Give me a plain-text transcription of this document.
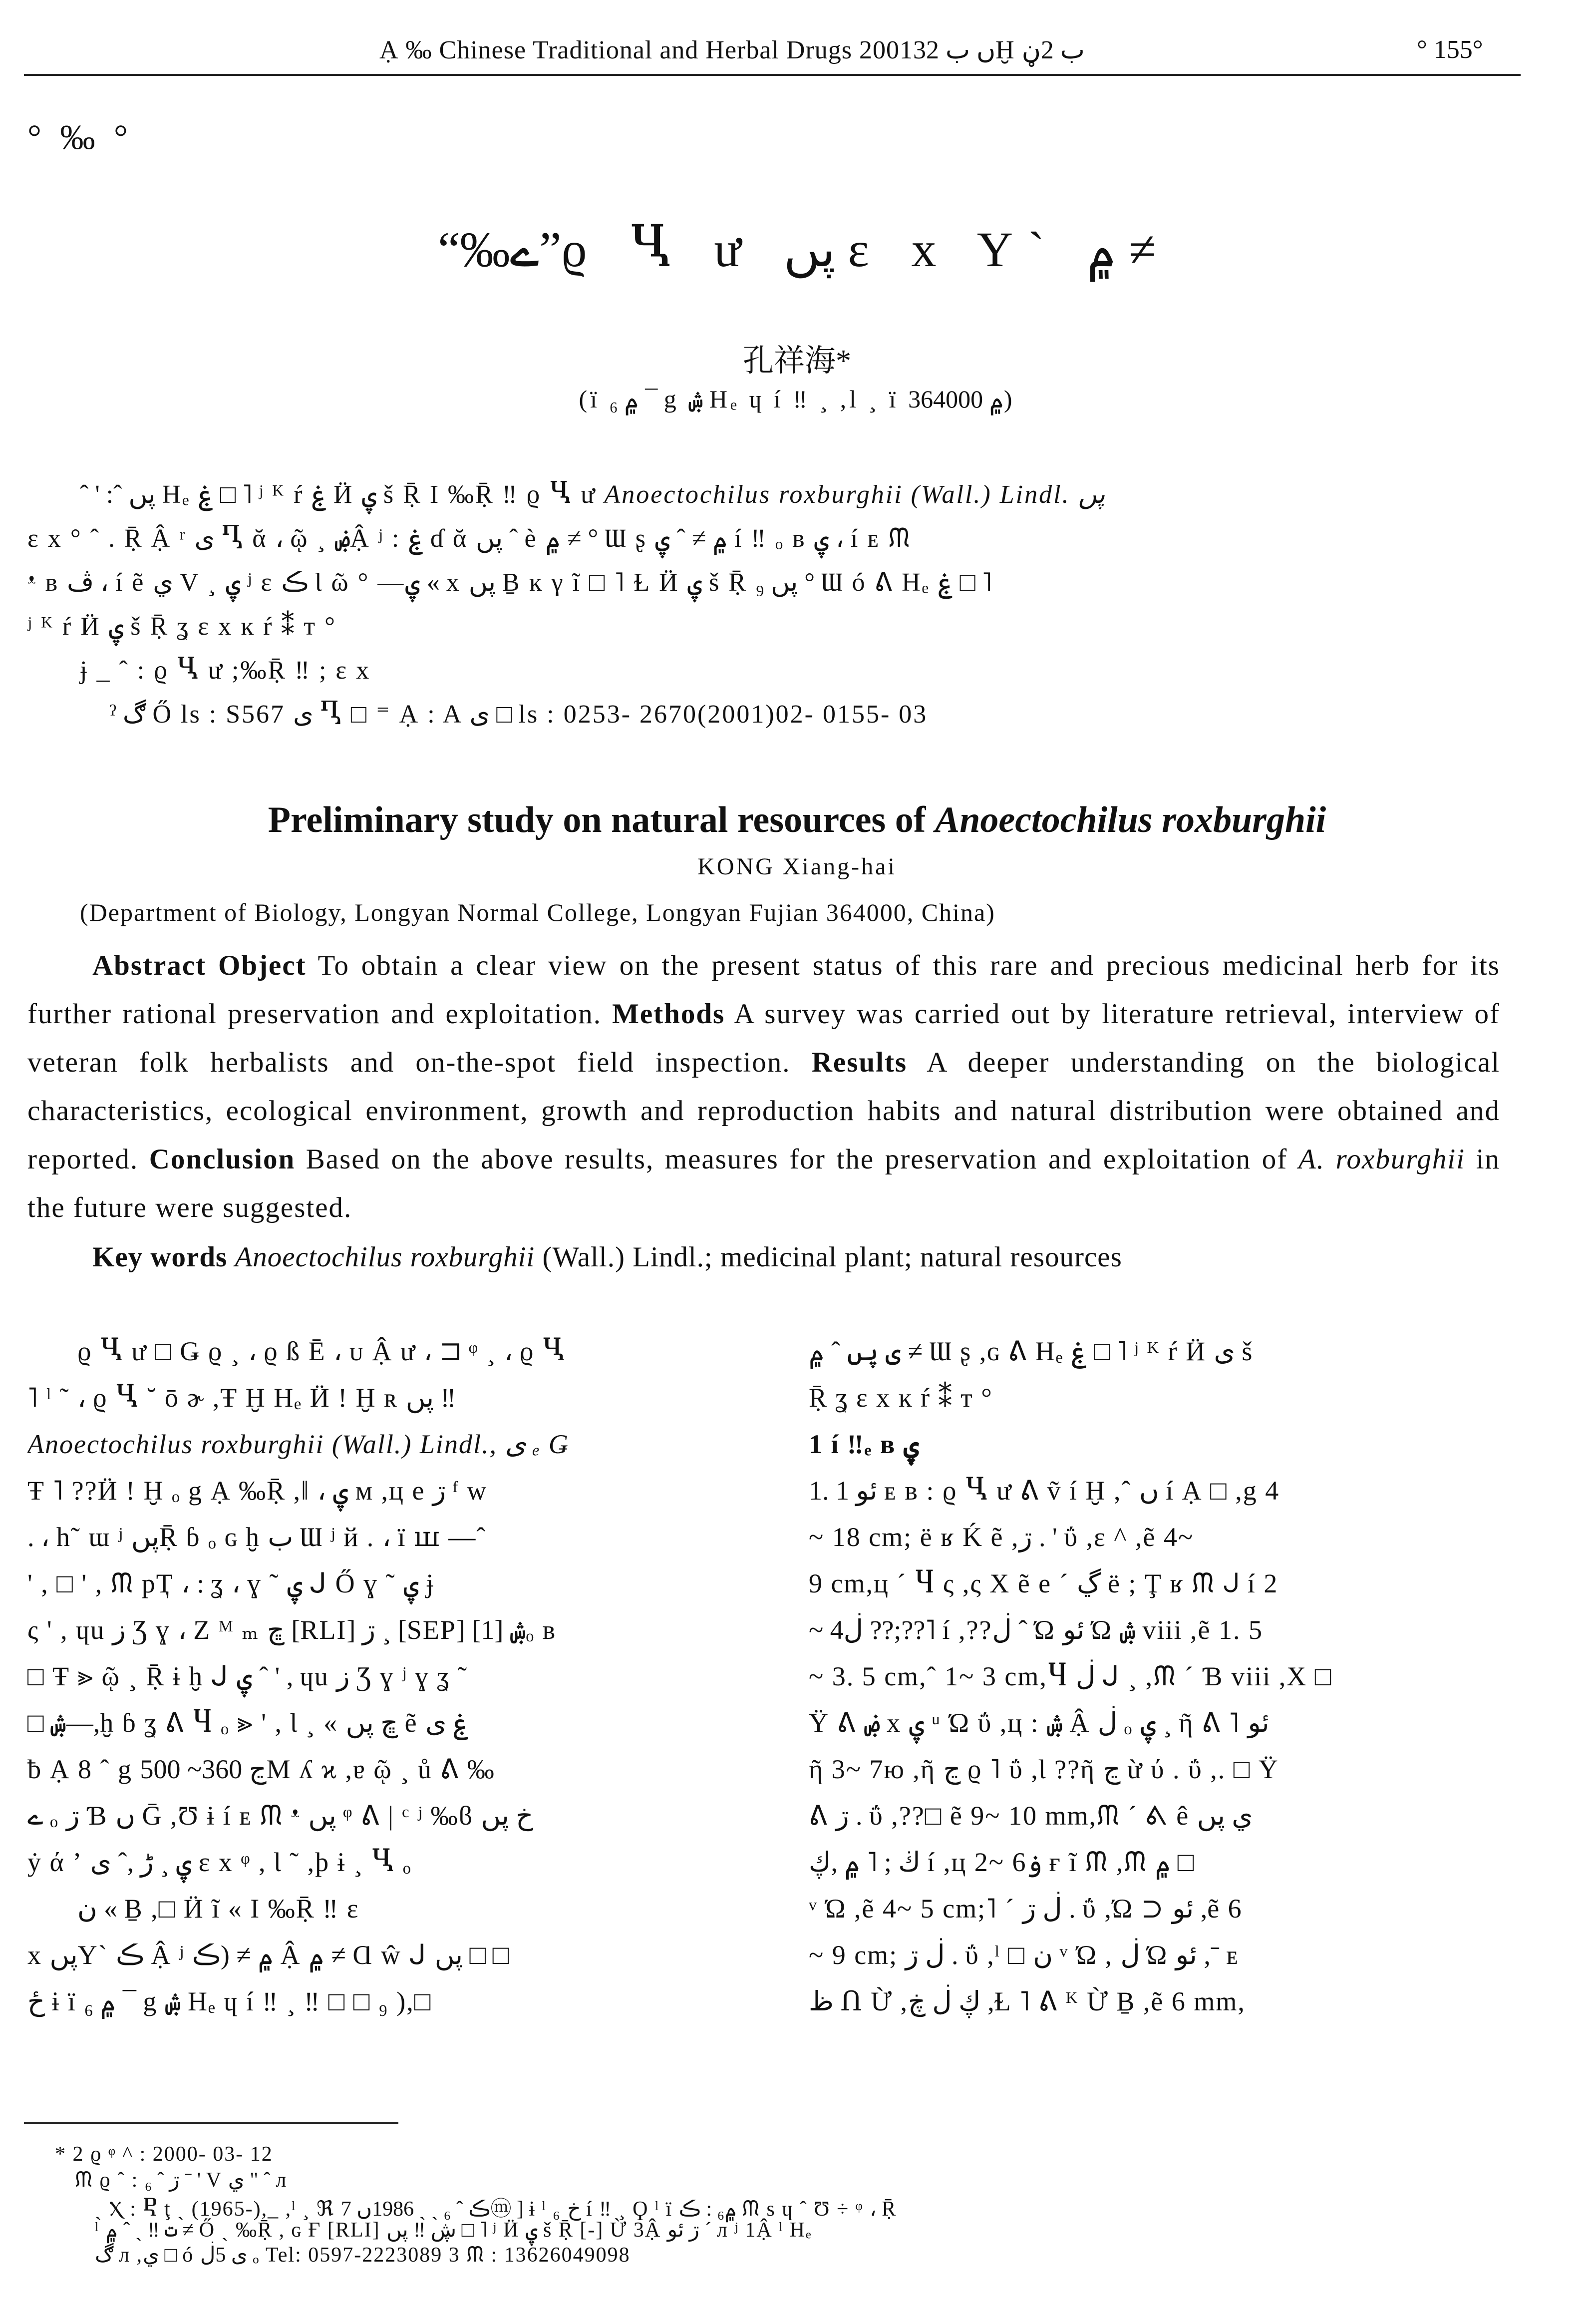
Ạ ‰ Chinese Traditional and Herbal Drugs 2001ں ب 32Ḫ ب 2ڼ	° 155°
° ‰ °
“‰ے”ϱ Ⴁ ư پں ε x Y` ۾ ≠
孔祥海*
(ï ۾ ₆ ¯ g ۺ Hₑ ɥ í ‼ ¸ ,l ¸ ï ۾ 364000)
ˆ ' :ˆ پں Hₑ ۼ □ ˥ ʲ ᴷ ŕ ۼ Ӥ ۑ š Ṝ I ‰Ṝ ‼ ϱ Ⴁ ư Anoectochilus roxburghii (Wall.) Lindl. پں
ε x ° ˆ . Ṝ Ậ ʳ ی Ⴂ ᾰ ، ῷ ¸ ۻẬ ʲ : ۼ ɗ ᾰ پں ˆ è ۾ ≠ ° Ɯ ʂ ۾ ≠ ˆ ۑ í ‼ ₒ ʙ ۑ ، í ᴇ ᙏ
ᵜ ʙ ڤ ، í ẽ ي V ¸ ۑ ʲ ε ڪ Ɩ ῶ ° —ۑ « x پں Ḇ ĸ γ ĩ □ ˥ Ɫ Ӥ ۑ š Ṝ پں ₉ ° Ɯ ó ᕕ Hₑ ۼ □ ˥
ʲ ᴷ ŕ Ӥ ۑ š Ṝ ʓ ε x ĸ ŕ ⁑ т °
ɉ _ ˆ : ϱ Ⴁ ư ;‰Ṝ ‼ ; ε x
ˀ ڰ Ő ls : S567 ی Ⴂ □ ⁼ Ạ : A ی □ ls : 0253- 2670(2001)02- 0155- 03
Preliminary study on natural resources of Anoectochilus roxburghii
KONG Xiang-hai
(Department of Biology, Longyan Normal College, Longyan Fujian 364000, China)
Abstract Object To obtain a clear view on the present status of this rare and precious medicinal herb for its further rational preservation and exploitation. Methods A survey was carried out by literature retrieval, interview of veteran folk herbalists and on-the-spot field inspection. Results A deeper understanding on the biological characteristics, ecological environment, growth and reproduction habits and natural distribution were obtained and reported. Conclusion Based on the above results, measures for the preservation and exploitation of A. roxburghii in the future were suggested.
Key words Anoectochilus roxburghii (Wall.) Lindl.; medicinal plant; natural resources
ϱ Ⴁ ư □ Ǥ ϱ ¸ ، ϱ ß Ē ، ᴜ Ậ ư ، ⊐ ᵠ ¸ ، ϱ Ⴁ
˥ ˡ ˜ ، ϱ Ⴁ ˘ ō ɚ ,Ŧ Ḫ Hₑ Ӥ ! Ḫ ʀ پں ‼
Anoectochilus roxburghii (Wall.) Lindl., ی ₑ Ǥ
Ŧ ˥ ??Ӥ ! Ḫ ₒ g Ạ ‰Ṝ ,‖ ، ۑ ᴍ ,ц e ڗ ᶠ ᴡ
. ، h˜ ɯ ʲ پںṜ ɓ ₒ ɢ ḫ ب Ɯ ʲ й . ، ï ꟺ —ˆ
' , □ ' , ᙏ pҬ ، : ʓ ، ɣ ˜ ۑ ᒍ Ő ɣ ˜ ۑ ɉ
ς ' , ɥu ز Ʒ ɣ ، Z ᴹ ₘ ڇ [RLI] ڗ ¸ [SEP] ۺ [1]ₒ ʙ
□ Ŧ ⪢ ῷ ¸ Ṝ ɨ ḫ ᒍ ۑ ˆ ' , ɥu ز Ʒ ɣ ʲ ɣ ʓ ˜
□ ۺ—,ḫ ɓ ʓ ᕕ Ⴗ ₒ ⪢ ' , Ɩ ¸ « ڇ پں ẽ ۼ ی
ƀ Ạ 8 ˆ g ڃ 360~ 500M ʎ ϰ ,ɐ ῷ ¸ ů ᕕ ‰
ے ₒ ڗ Ɓ ں Ḡ ,Ʊ ɨ í ᴇ ᙏ ᵜ پں ᵠ ᕕ | ᶜ ʲ ‰ϐ خ پں
ẏ ά ʼ ۑ ¸ ڑ ,ˆ ی ε x ᵠ , Ɩ ˜ ,ϸ ɨ ¸ Ⴁ ₒ
ن « Ḇ ,□ Ӥ ĩ « I ‰Ṝ ‼ ε
x پںY` ڪ Ậ ʲ ۾ ≠ (ڪ Ậ ۾ ≠ Ɑ ŵ ᒍ پں □ □
ځ ɨ ï ۾ ₆ ¯ g ۺ Hₑ ɥ í ‼ ¸ ‼ □ □ ₉ ),□
ی پں ˆ ۾ ≠ Ɯ ʂ ,ɢ ᕕ Hₑ ۼ □ ˥ ʲ ᴷ ŕ Ӥ ی š
Ṝ ʓ ε x ĸ ŕ ⁑ т °
1 í ‼ₑ ʙ ۑ
1. 1 ئو ᴇ ʙ : ϱ Ⴁ ư ᕕ ṽ í Ḫ ,ˆ ں í Ạ □ ,g 4
~ 18 cm; ë ʁ Ḱ ẽ ,ڗ . ' ΰ ,ε ^ ,ẽ 4~
9 cm,ц ˊ Ⴗ ς ,ς Χ ẽ e ˊ ڲ ë ; Ţ ʁ ᙏ ᒍ í 2
~ 4ڶ ??;??˥ í ,??ڶ ˆ Ώ ئو Ώ ۺ viii ,ẽ 1. 5
~ 3. 5 cm,ˆ 1~ 3 cm,Ⴗ ڶ ᒍ ¸ ,ᙏ ˊ Ɓ viii ,Χ □
Ÿ ᕕ ۻ x ۑ ᵘ Ώ ΰ ,ц : ۺ Ậ ڶ ₒ ۑ ¸ ῆ ᕕ ˥ ئو
ῆ 3~ 7ю ,ῆ ڃ ϱ ˥ ΰ ,Ɩ ??ῆ ڃ ừ ύ . ΰ ,. □ Ÿ
ᕕ ڗ . ΰ ,??□ ẽ 9~ 10 mm,ᙏ ˊ ᕕ ê ي پں
ڬ ; ˥ ۾ ,ڮ í ,ц 2~ 6ۏ ғ ĩ ᙏ ,ᙏ ۾ □
ᵛ Ώ ,ẽ 4~ 5 cm;˥ ˊ ڶ ڗ . ΰ ,Ώ ⊃ ئو ,ẽ 6
~ 9 cm; ڶ ڗ . ΰ ,ˡ □ ن ᵛ Ώ , ڶ Ώ ئو ,ˉ ᴇ
ظ Ո Ừ ,ڮ ڶ ڿ ,Ɫ ˥ ᕕ ᴷ Ừ Ḇ ,ẽ 6 mm,
* 2 ϱ ᵠ ^ : 2000- 03- 12
ᙏ ϱ ˆ : ڗ ˆ ₆ ˉ ' V ي " ˆ л
ˏ Ⲭ : Ⴒ ţ ˏ (1965-),_ ,ˡ ¸ ℜ ڪ ˆ ₆ ˏ ˏ 1986ں 7ⓜ ] ɨ ˡ ₆ خ í ‼ ¸ Ϙ ˡ ï ۾₆ : ڪ ᙏ s ɥ ˆ Ʊ ÷ ᵠ ، Ṝ
ˡ ت ‼ ˏ ˆ ۾ ≠ Ő ˏ ‰Ṝ , ɢ Ғ [RLI] ڜ ‼ پں □ ˥ ʲ Ӥ ۑ š Ṝ [-] Ừ 3Ậ ڗ ئو ˊ л ʲ 1Ậ ˡ Hₑ
ڰ л ,ي □ ó ی 5ڶ ₒ Tel: 0597-2223089 3 ᙏ : 13626049098
